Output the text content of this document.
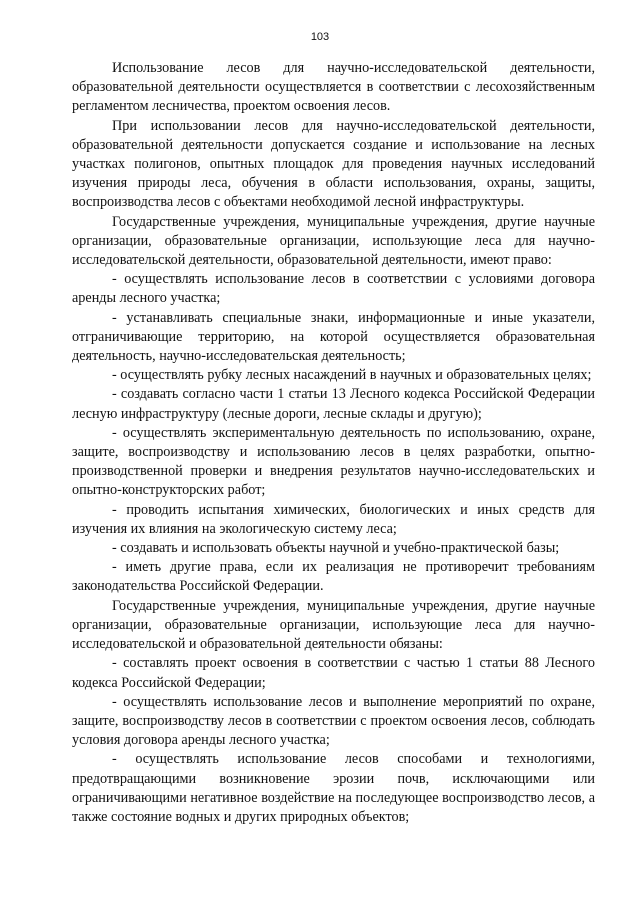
103

Использование лесов для научно-исследовательской деятельности, образовательной деятельности осуществляется в соответствии с лесохозяйственным регламентом лесничества, проектом освоения лесов.

При использовании лесов для научно-исследовательской деятельности, образовательной деятельности допускается создание и использование на лесных участках полигонов, опытных площадок для проведения научных исследований изучения природы леса, обучения в области использования, охраны, защиты, воспроизводства лесов с объектами необходимой лесной инфраструктуры.

Государственные учреждения, муниципальные учреждения, другие научные организации, образовательные организации, использующие леса для научно-исследовательской деятельности, образовательной деятельности, имеют право:

- осуществлять использование лесов в соответствии с условиями договора аренды лесного участка;

- устанавливать специальные знаки, информационные и иные указатели, отграничивающие территорию, на которой осуществляется образовательная деятельность, научно-исследовательская деятельность;

- осуществлять рубку лесных насаждений в научных и образовательных целях;

- создавать согласно части 1 статьи 13 Лесного кодекса Российской Федерации лесную инфраструктуру (лесные дороги, лесные склады и другую);

- осуществлять экспериментальную деятельность по использованию, охране, защите, воспроизводству и использованию лесов в целях разработки, опытно-производственной проверки и внедрения результатов научно-исследовательских и опытно-конструкторских работ;

- проводить испытания химических, биологических и иных средств для изучения их влияния на экологическую систему леса;

- создавать и использовать объекты научной и учебно-практической базы;

- иметь другие права, если их реализация не противоречит требованиям законодательства Российской Федерации.

Государственные учреждения, муниципальные учреждения, другие научные организации, образовательные организации, использующие леса для научно-исследовательской и образовательной деятельности обязаны:

- составлять проект освоения в соответствии с частью 1 статьи 88 Лесного кодекса Российской Федерации;

- осуществлять использование лесов и выполнение мероприятий по охране, защите, воспроизводству лесов в соответствии с проектом освоения лесов, соблюдать условия договора аренды лесного участка;

- осуществлять использование лесов способами и технологиями, предотвращающими возникновение эрозии почв, исключающими или ограничивающими негативное воздействие на последующее воспроизводство лесов, а также состояние водных и других природных объектов;
